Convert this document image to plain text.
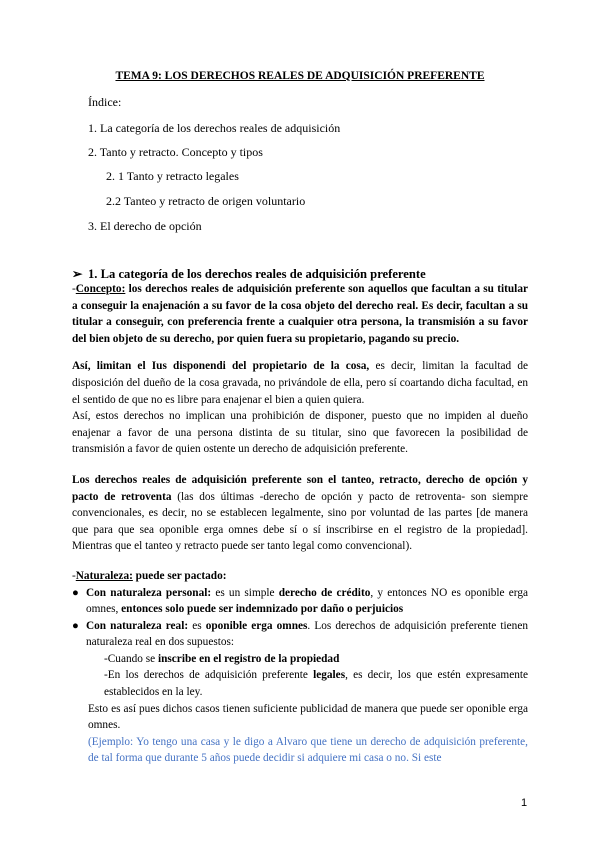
TEMA 9: LOS DERECHOS REALES DE ADQUISICIÓN PREFERENTE
Índice:
1. La categoría de los derechos reales de adquisición
2. Tanto y retracto. Concepto y tipos
2. 1 Tanto y retracto legales
2.2 Tanteo y retracto de origen voluntario
3. El derecho de opción
➢ 1. La categoría de los derechos reales de adquisición preferente

-Concepto: los derechos reales de adquisición preferente son aquellos que facultan a su titular a conseguir la enajenación a su favor de la cosa objeto del derecho real. Es decir, facultan a su titular a conseguir, con preferencia frente a cualquier otra persona, la transmisión a su favor del bien objeto de su derecho, por quien fuera su propietario, pagando su precio.

Así, limitan el Ius disponendi del propietario de la cosa, es decir, limitan la facultad de disposición del dueño de la cosa gravada, no privándole de ella, pero sí coartando dicha facultad, en el sentido de que no es libre para enajenar el bien a quien quiera.

Así, estos derechos no implican una prohibición de disponer, puesto que no impiden al dueño enajenar a favor de una persona distinta de su titular, sino que favorecen la posibilidad de transmisión a favor de quien ostente un derecho de adquisición preferente.

Los derechos reales de adquisición preferente son el tanteo, retracto, derecho de opción y pacto de retroventa (las dos últimas -derecho de opción y pacto de retroventa- son siempre convencionales, es decir, no se establecen legalmente, sino por voluntad de las partes [de manera que para que sea oponible erga omnes debe sí o sí inscribirse en el registro de la propiedad]. Mientras que el tanteo y retracto puede ser tanto legal como convencional).

-Naturaleza: puede ser pactado:

● Con naturaleza personal: es un simple derecho de crédito, y entonces NO es oponible erga omnes, entonces solo puede ser indemnizado por daño o perjuicios
● Con naturaleza real: es oponible erga omnes. Los derechos de adquisición preferente tienen naturaleza real en dos supuestos:

-Cuando se inscribe en el registro de la propiedad

-En los derechos de adquisición preferente legales, es decir, los que estén expresamente establecidos en la ley.

Esto es así pues dichos casos tienen suficiente publicidad de manera que puede ser oponible erga omnes.

(Ejemplo: Yo tengo una casa y le digo a Alvaro que tiene un derecho de adquisición preferente, de tal forma que durante 5 años puede decidir si adquiere mi casa o no. Si este

1
